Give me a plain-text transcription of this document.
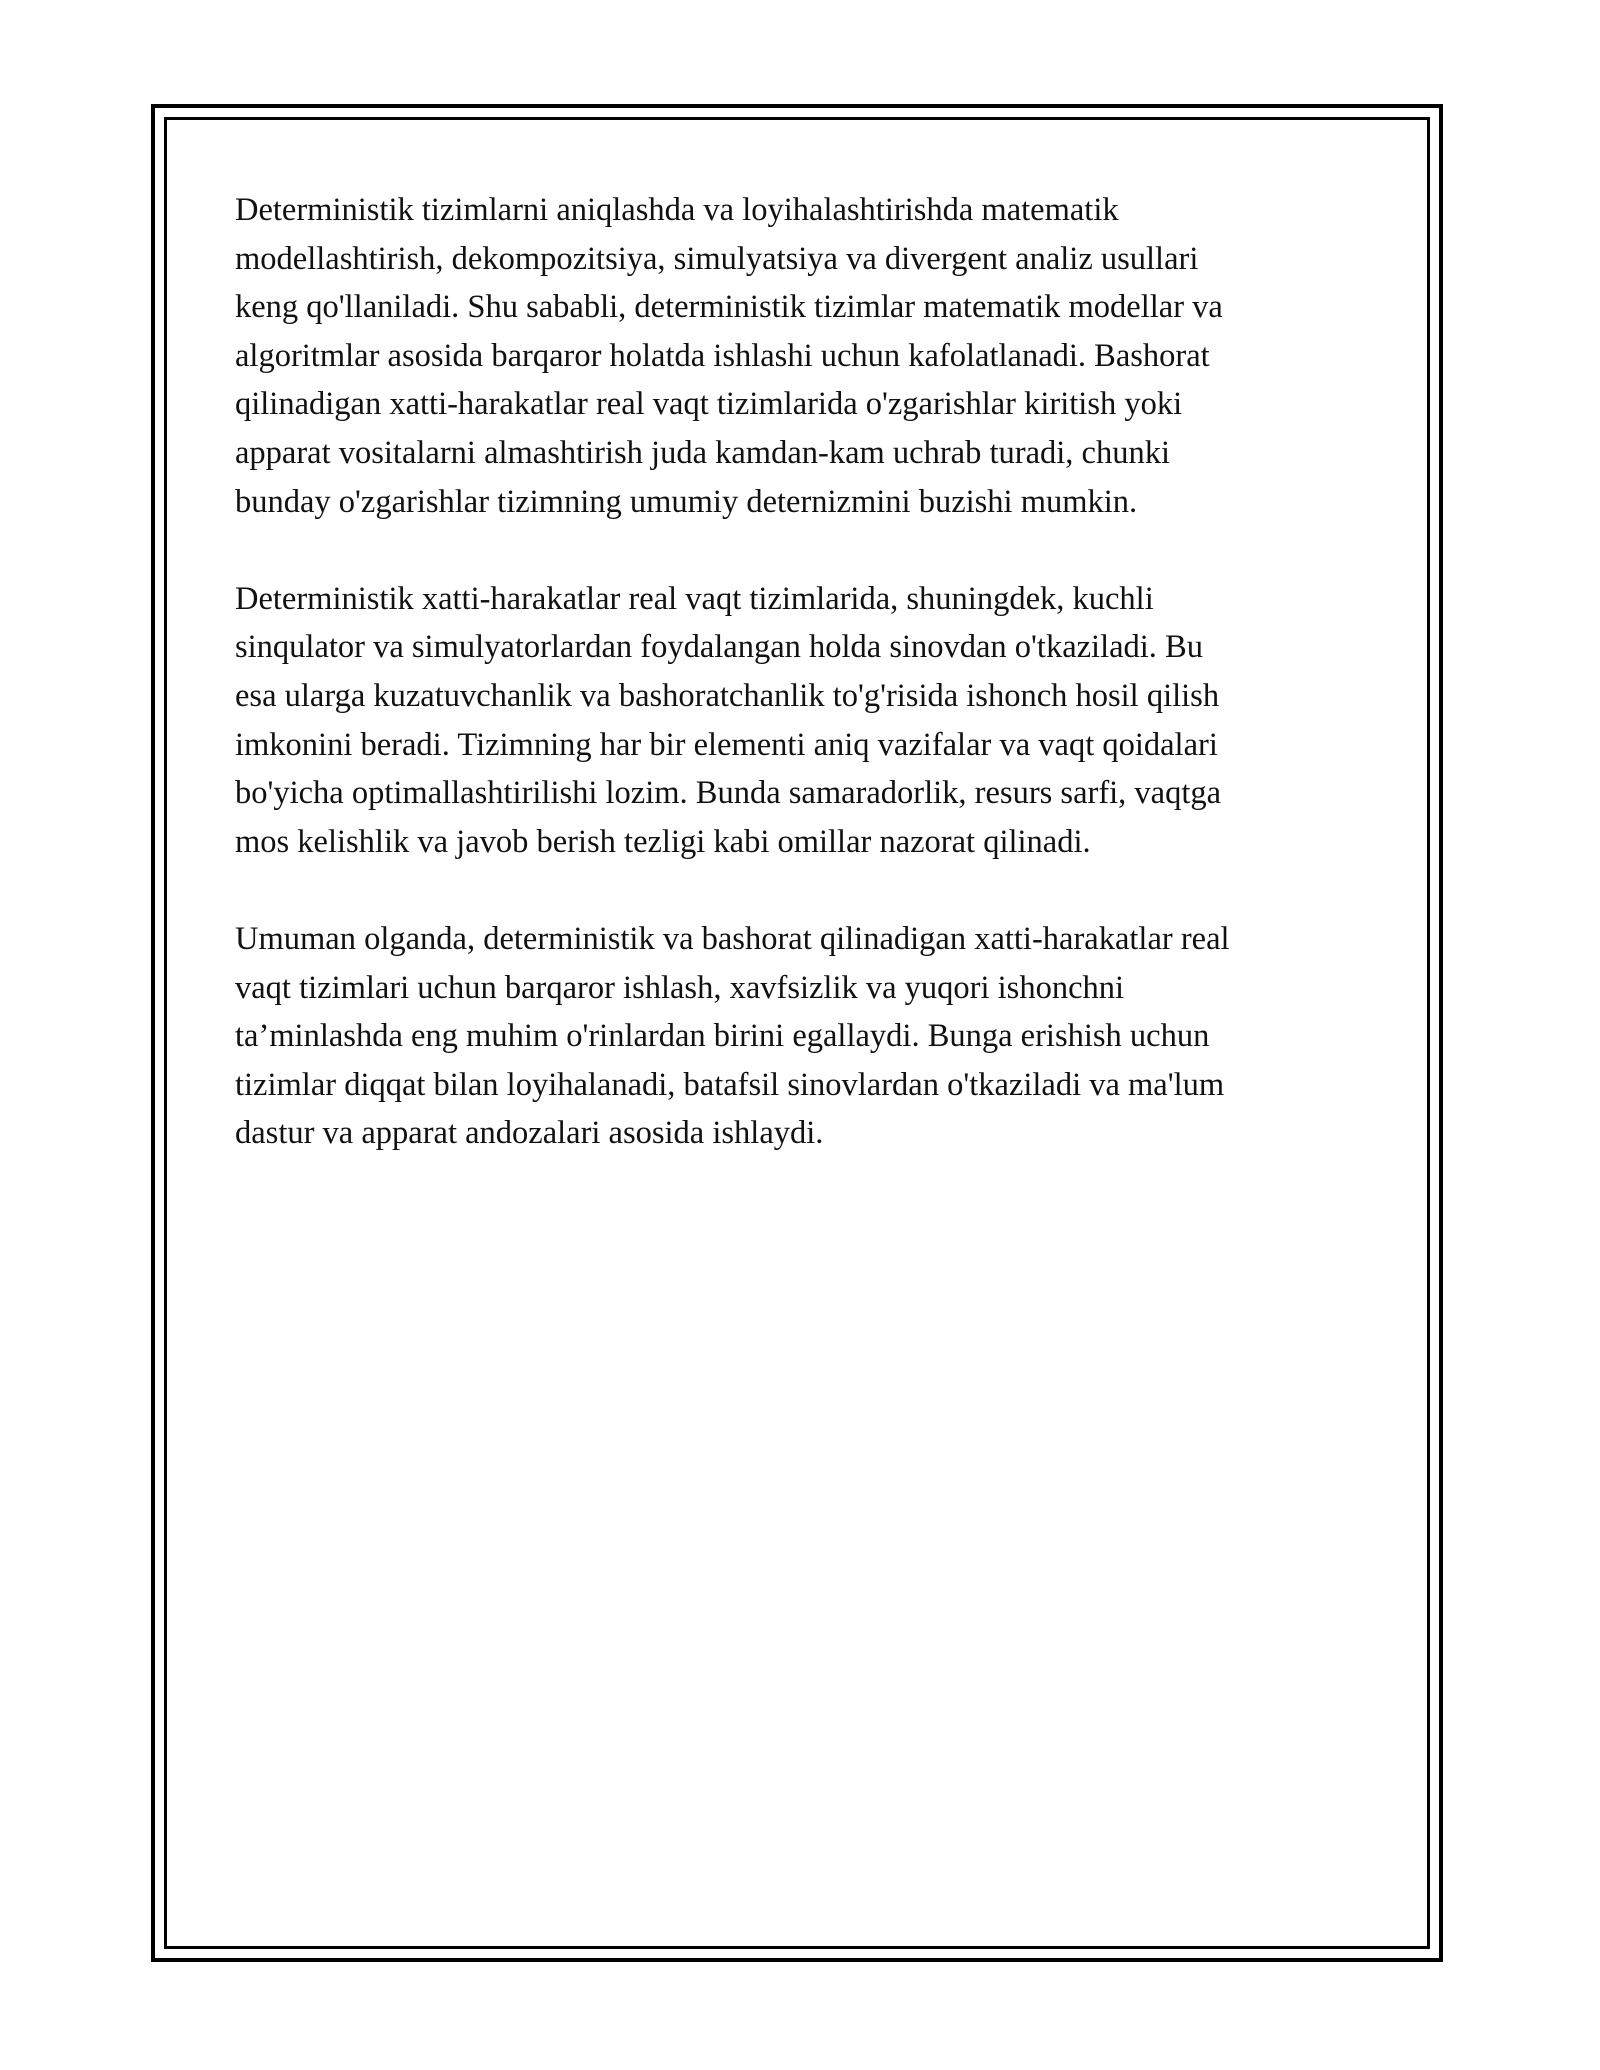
Deterministik tizimlarni aniqlashda va loyihalashtirishda matematik
modellashtirish, dekompozitsiya, simulyatsiya va divergent analiz usullari
keng qo'llaniladi. Shu sababli, deterministik tizimlar matematik modellar va
algoritmlar asosida barqaror holatda ishlashi uchun kafolatlanadi. Bashorat
qilinadigan xatti-harakatlar real vaqt tizimlarida o'zgarishlar kiritish yoki
apparat vositalarni almashtirish juda kamdan-kam uchrab turadi, chunki
bunday o'zgarishlar tizimning umumiy deternizmini buzishi mumkin.

Deterministik xatti-harakatlar real vaqt tizimlarida, shuningdek, kuchli
sinqulator va simulyatorlardan foydalangan holda sinovdan o'tkaziladi. Bu
esa ularga kuzatuvchanlik va bashoratchanlik to'g'risida ishonch hosil qilish
imkonini beradi. Tizimning har bir elementi aniq vazifalar va vaqt qoidalari
bo'yicha optimallashtirilishi lozim. Bunda samaradorlik, resurs sarfi, vaqtga
mos kelishlik va javob berish tezligi kabi omillar nazorat qilinadi.

Umuman olganda, deterministik va bashorat qilinadigan xatti-harakatlar real
vaqt tizimlari uchun barqaror ishlash, xavfsizlik va yuqori ishonchni
ta’minlashda eng muhim o'rinlardan birini egallaydi. Bunga erishish uchun
tizimlar diqqat bilan loyihalanadi, batafsil sinovlardan o'tkaziladi va ma'lum
dastur va apparat andozalari asosida ishlaydi.
